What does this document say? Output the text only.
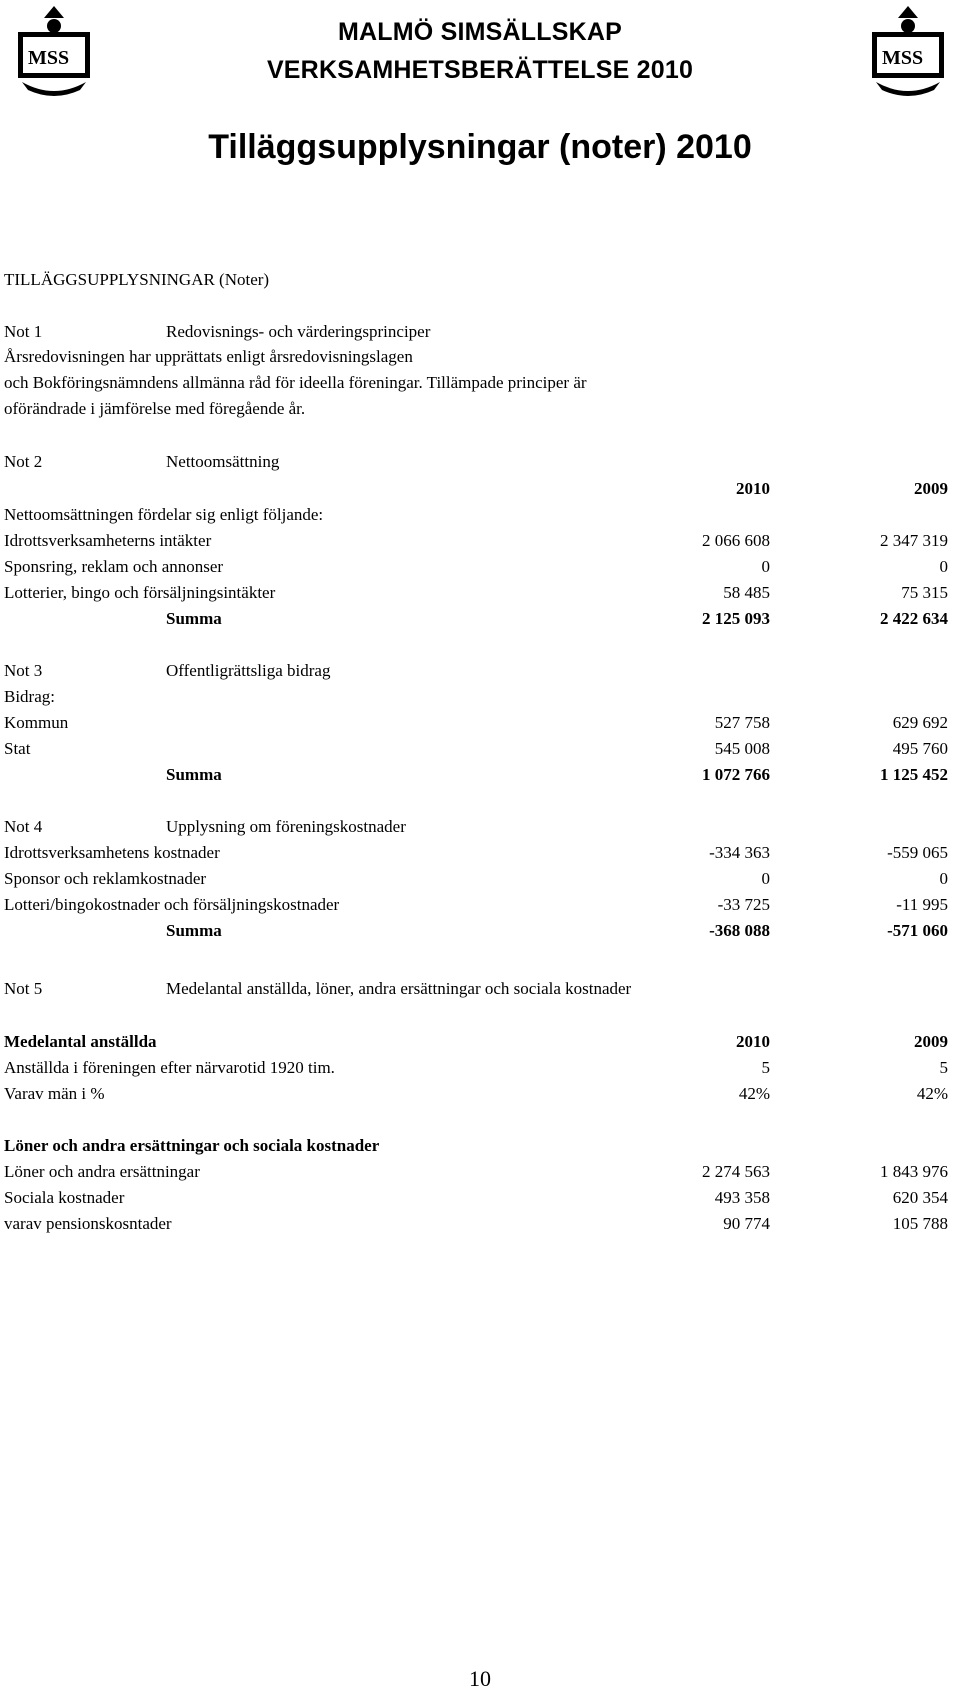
MSS	MSS
MALMÖ SIMSÄLLSKAP
VERKSAMHETSBERÄTTELSE 2010
Tilläggsupplysningar (noter) 2010
TILLÄGGSUPPLYSNINGAR (Noter)
Not 1	Redovisnings- och värderingsprinciper
Årsredovisningen har upprättats enligt årsredovisningslagen
och Bokföringsnämndens allmänna råd för ideella föreningar. Tillämpade principer är
oförändrade i jämförelse med föregående år.
Not 2	Nettoomsättning
2010	2009
Nettoomsättningen fördelar sig enligt följande:
Idrottsverksamheterns intäkter	2 066 608	2 347 319
Sponsring, reklam och annonser	0	0
Lotterier, bingo och försäljningsintäkter	58 485	75 315
Summa	2 125 093	2 422 634
Not 3	Offentligrättsliga bidrag
Bidrag:
Kommun	527 758	629 692
Stat	545 008	495 760
Summa	1 072 766	1 125 452
Not 4	Upplysning om föreningskostnader
Idrottsverksamhetens kostnader	-334 363	-559 065
Sponsor och reklamkostnader	0	0
Lotteri/bingokostnader och försäljningskostnader	-33 725	-11 995
Summa	-368 088	-571 060
Not 5	Medelantal anställda, löner, andra ersättningar och sociala kostnader
Medelantal anställda	2010	2009
Anställda i föreningen efter närvarotid 1920 tim.	5	5
Varav män i %	42%	42%
Löner och andra ersättningar och sociala kostnader
Löner och andra ersättningar	2 274 563	1 843 976
Sociala kostnader	493 358	620 354
varav pensionskosntader	90 774	105 788
10
